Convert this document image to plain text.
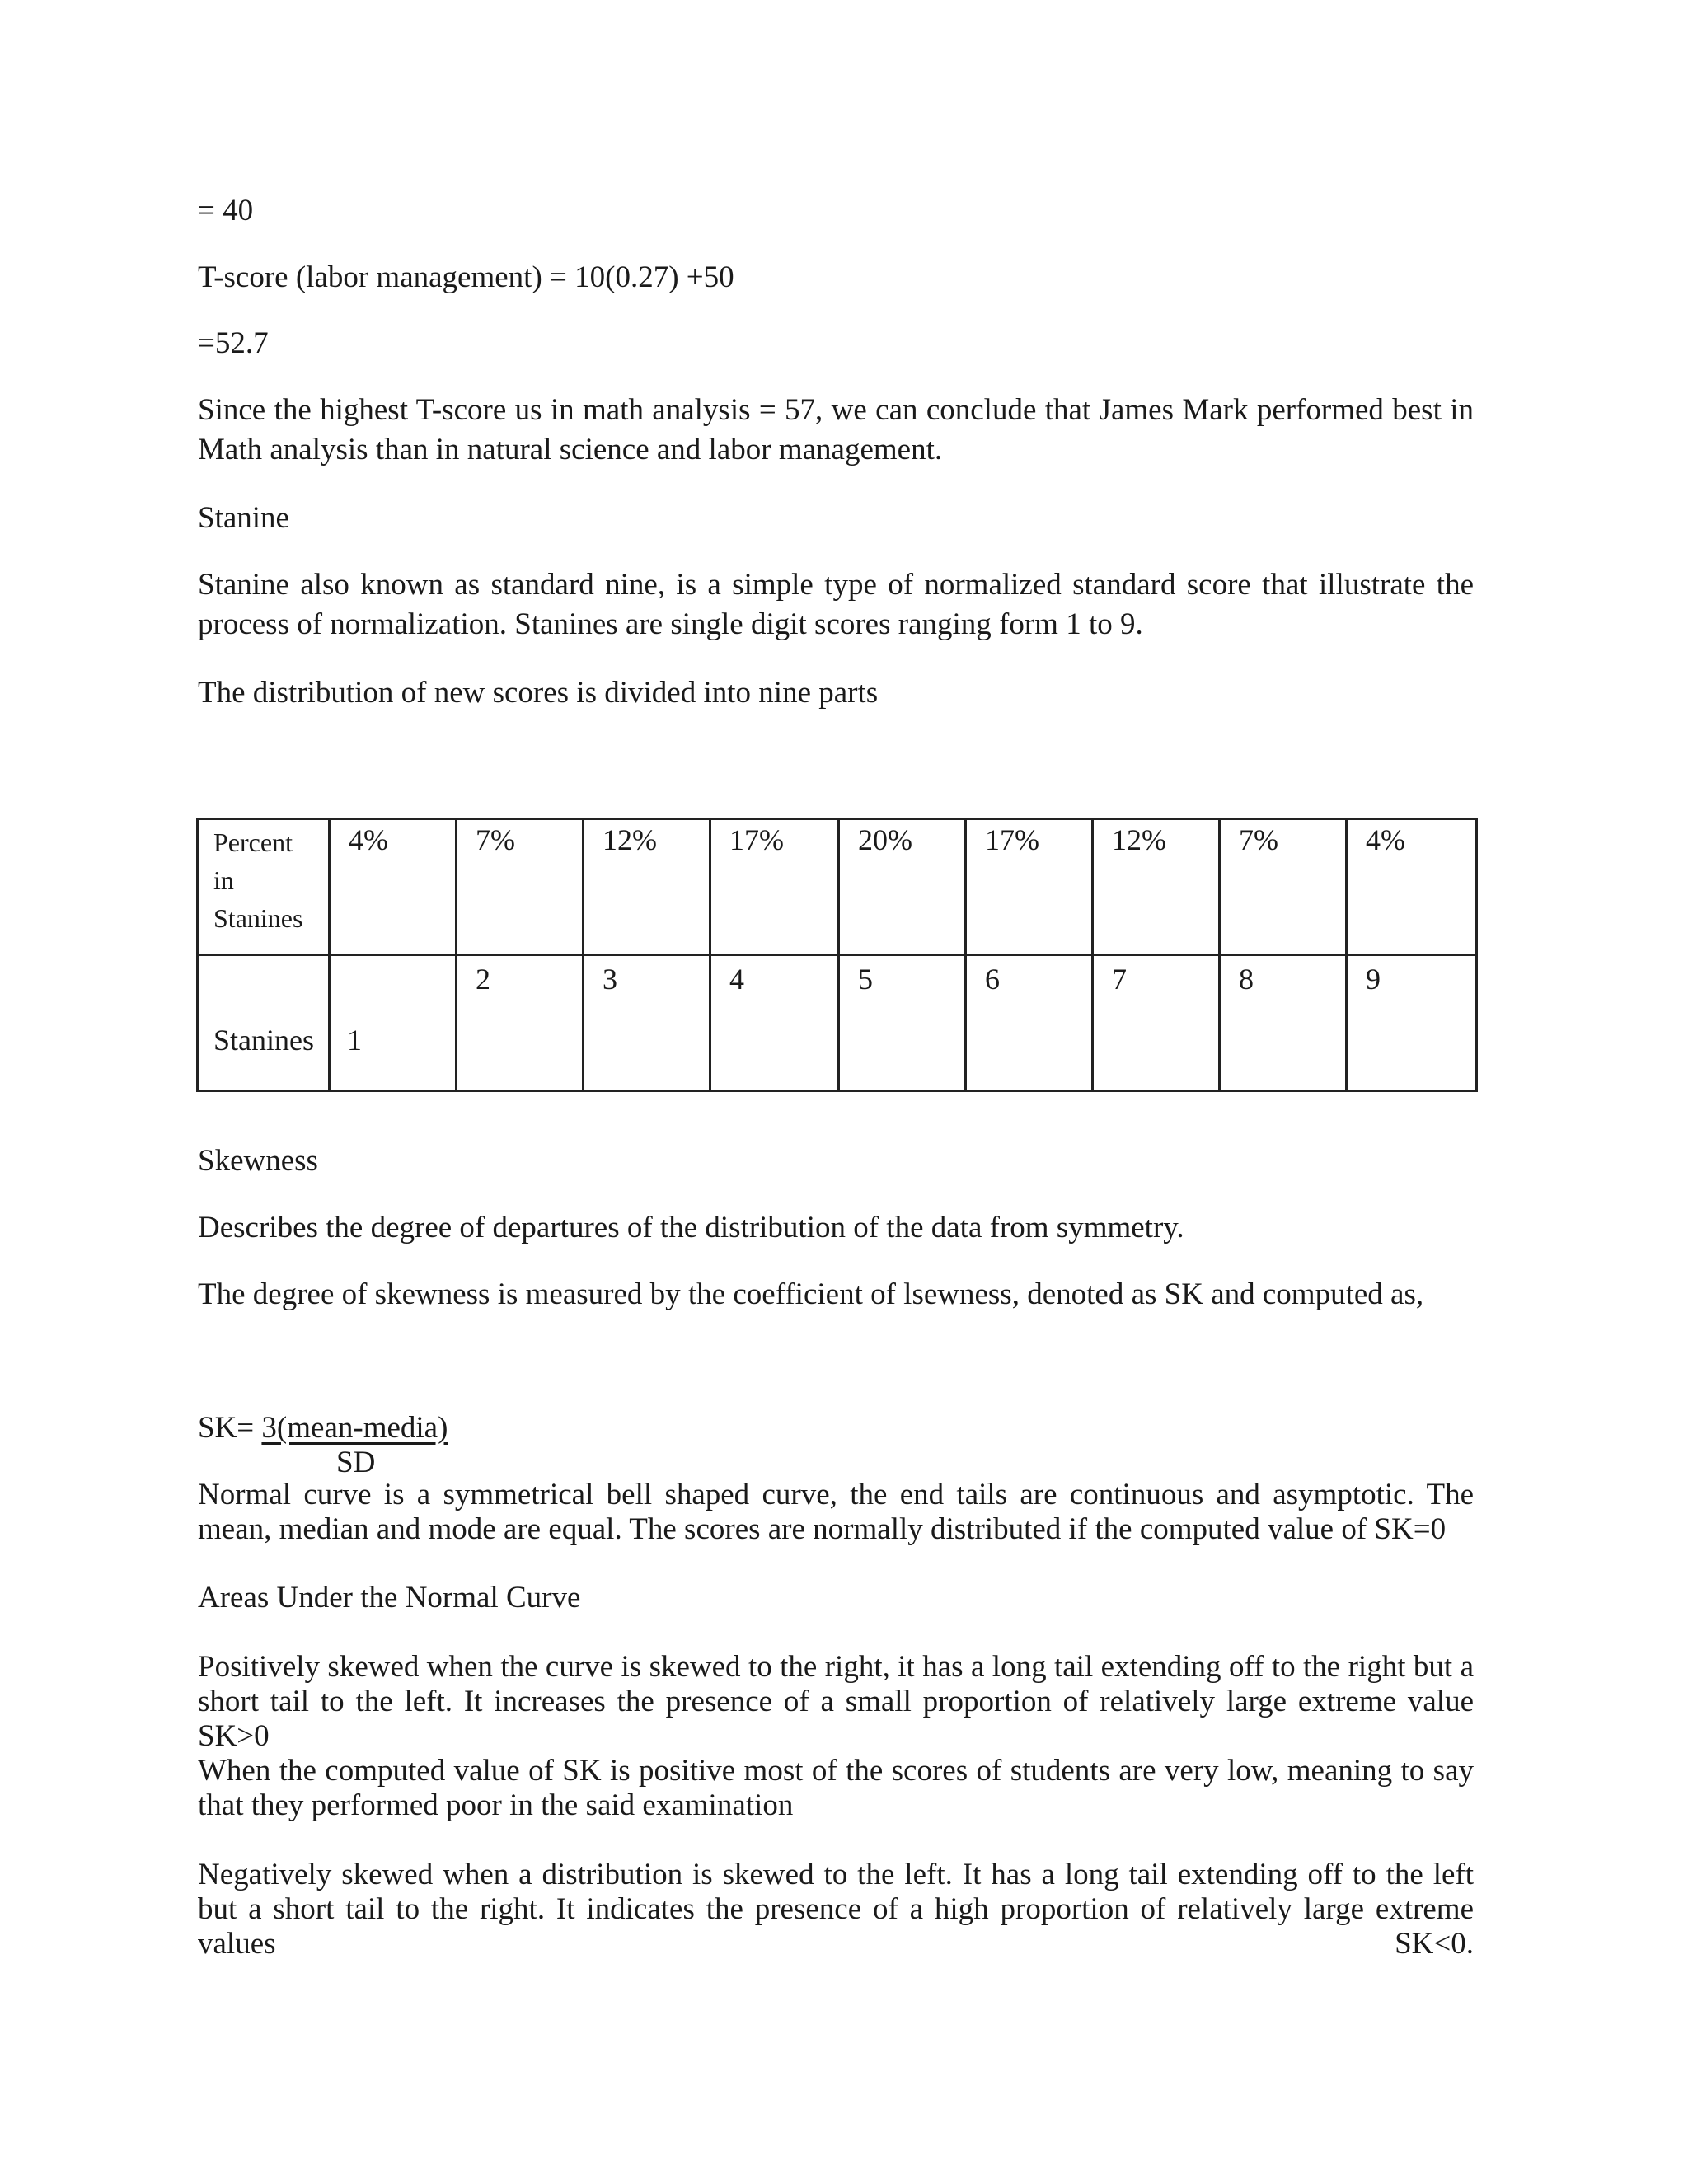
= 40
T-score (labor management) = 10(0.27) +50
=52.7
Since the highest T-score us in math analysis = 57, we can conclude that James Mark performed best in Math analysis than in natural science and labor management.
Stanine
Stanine also known as standard nine, is a simple type of normalized standard score that illustrate the process of normalization. Stanines are single digit scores ranging form 1 to 9.
The distribution of new scores is divided into nine parts
Percent
in
Stanines	4%	7%	12%	17%	20%	17%	12%	7%	4%

Stanines	1	2	3	4	5	6	7	8	9
Skewness
Describes the degree of departures of the distribution of the data from symmetry.
The degree of skewness is measured by the coefficient of lsewness, denoted as SK and computed as,
SK= 3(mean-media)
SD
Normal curve is a symmetrical bell shaped curve, the end tails are continuous and asymptotic. The mean, median and mode are equal. The scores are normally distributed if the computed value of SK=0
Areas Under the Normal Curve
Positively skewed when the curve is skewed to the right, it has a long tail extending off to the right but a short tail to the left. It increases the presence of a small proportion of relatively large extreme value SK>0
When the computed value of SK is positive most of the scores of students are very low, meaning to say that they performed poor in the said examination
Negatively skewed when a distribution is skewed to the left. It has a long tail extending off to the left but a short tail to the right. It indicates the presence of a high proportion of relatively large extreme values SK<0.
